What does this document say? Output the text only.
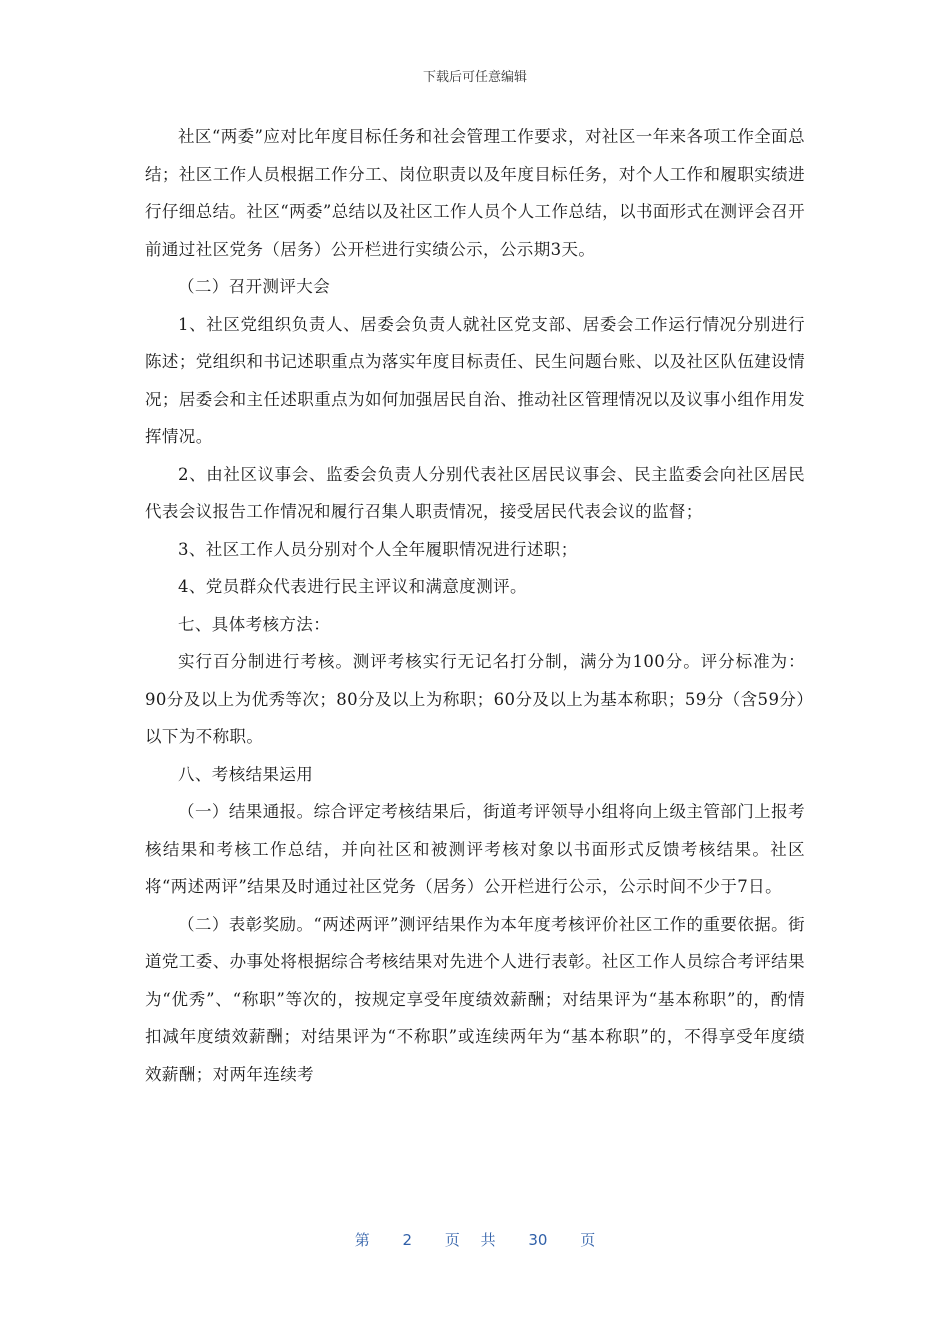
下载后可任意编辑

社区“两委”应对比年度目标任务和社会管理工作要求，对社区一年来各项工作全面总结；社区工作人员根据工作分工、岗位职责以及年度目标任务，对个人工作和履职实绩进行仔细总结。社区“两委”总结以及社区工作人员个人工作总结，以书面形式在测评会召开前通过社区党务（居务）公开栏进行实绩公示，公示期3天。

（二）召开测评大会

1、社区党组织负责人、居委会负责人就社区党支部、居委会工作运行情况分别进行陈述；党组织和书记述职重点为落实年度目标责任、民生问题台账、以及社区队伍建设情况；居委会和主任述职重点为如何加强居民自治、推动社区管理情况以及议事小组作用发挥情况。

2、由社区议事会、监委会负责人分别代表社区居民议事会、民主监委会向社区居民代表会议报告工作情况和履行召集人职责情况，接受居民代表会议的监督；

3、社区工作人员分别对个人全年履职情况进行述职；

4、党员群众代表进行民主评议和满意度测评。

七、具体考核方法：

实行百分制进行考核。测评考核实行无记名打分制，满分为100分。评分标准为：90分及以上为优秀等次；80分及以上为称职；60分及以上为基本称职；59分（含59分）以下为不称职。

八、考核结果运用

（一）结果通报。综合评定考核结果后，街道考评领导小组将向上级主管部门上报考核结果和考核工作总结，并向社区和被测评考核对象以书面形式反馈考核结果。社区将“两述两评”结果及时通过社区党务（居务）公开栏进行公示，公示时间不少于7日。

（二）表彰奖励。“两述两评”测评结果作为本年度考核评价社区工作的重要依据。街道党工委、办事处将根据综合考核结果对先进个人进行表彰。社区工作人员综合考评结果为“优秀”、“称职”等次的，按规定享受年度绩效薪酬；对结果评为“基本称职”的，酌情扣减年度绩效薪酬；对结果评为“不称职”或连续两年为“基本称职”的，不得享受年度绩效薪酬；对两年连续考

第 2 页 共 30 页
